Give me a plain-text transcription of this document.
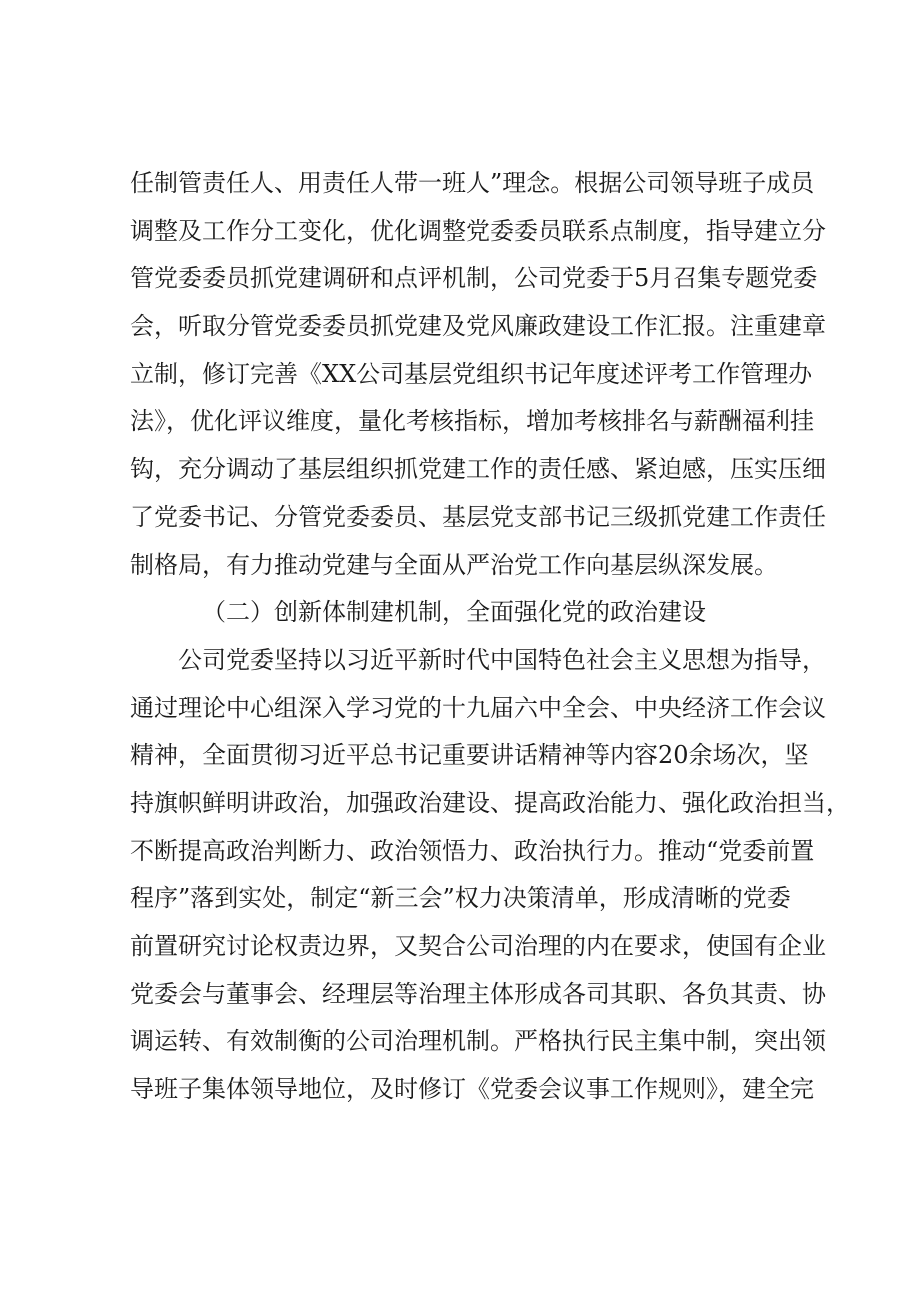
任制管责任人、用责任人带一班人”理念。根据公司领导班子成员
调整及工作分工变化，优化调整党委委员联系点制度，指导建立分
管党委委员抓党建调研和点评机制，公司党委于5月召集专题党委
会，听取分管党委委员抓党建及党风廉政建设工作汇报。注重建章
立制，修订完善《XX公司基层党组织书记年度述评考工作管理办
法》，优化评议维度，量化考核指标，增加考核排名与薪酬福利挂
钩，充分调动了基层组织抓党建工作的责任感、紧迫感，压实压细
了党委书记、分管党委委员、基层党支部书记三级抓党建工作责任
制格局，有力推动党建与全面从严治党工作向基层纵深发展。
（二）创新体制建机制，全面强化党的政治建设
公司党委坚持以习近平新时代中国特色社会主义思想为指导，
通过理论中心组深入学习党的十九届六中全会、中央经济工作会议
精神，全面贯彻习近平总书记重要讲话精神等内容20余场次，坚
持旗帜鲜明讲政治，加强政治建设、提高政治能力、强化政治担当，
不断提高政治判断力、政治领悟力、政治执行力。推动“党委前置
程序”落到实处，制定“新三会”权力决策清单，形成清晰的党委
前置研究讨论权责边界，又契合公司治理的内在要求，使国有企业
党委会与董事会、经理层等治理主体形成各司其职、各负其责、协
调运转、有效制衡的公司治理机制。严格执行民主集中制，突出领
导班子集体领导地位，及时修订《党委会议事工作规则》，建全完
